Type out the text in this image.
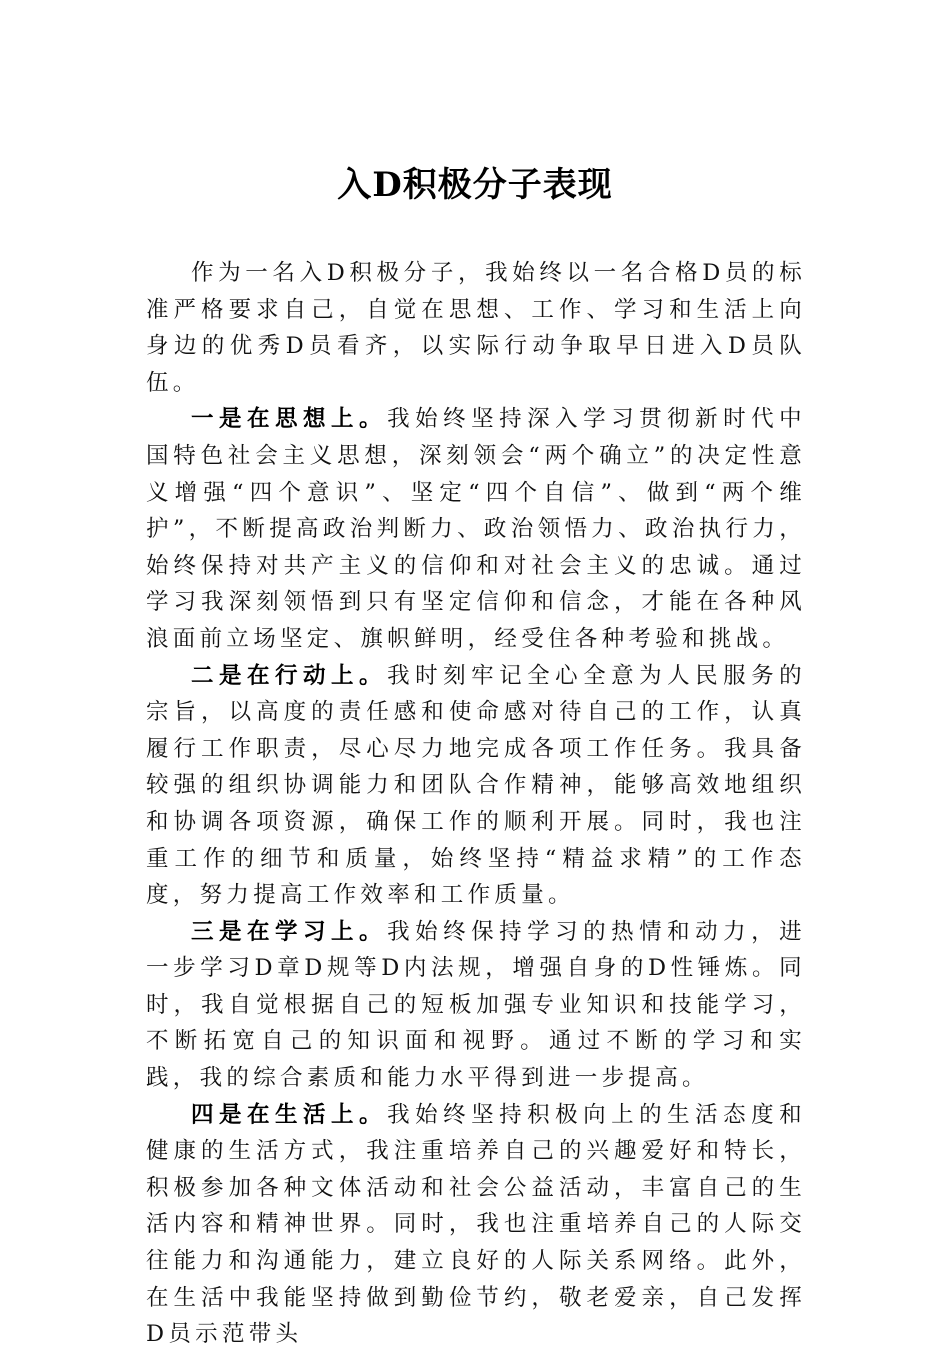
入D积极分子表现

作为一名入D积极分子，我始终以一名合格D员的标准严格要求自己，自觉在思想、工作、学习和生活上向身边的优秀D员看齐，以实际行动争取早日进入D员队伍。

一是在思想上。我始终坚持深入学习贯彻新时代中国特色社会主义思想，深刻领会“两个确立”的决定性意义增强“四个意识”、坚定“四个自信”、做到“两个维护”，不断提高政治判断力、政治领悟力、政治执行力，始终保持对共产主义的信仰和对社会主义的忠诚。通过学习我深刻领悟到只有坚定信仰和信念，才能在各种风浪面前立场坚定、旗帜鲜明，经受住各种考验和挑战。

二是在行动上。我时刻牢记全心全意为人民服务的宗旨，以高度的责任感和使命感对待自己的工作，认真履行工作职责，尽心尽力地完成各项工作任务。我具备较强的组织协调能力和团队合作精神，能够高效地组织和协调各项资源，确保工作的顺利开展。同时，我也注重工作的细节和质量，始终坚持“精益求精”的工作态度，努力提高工作效率和工作质量。

三是在学习上。我始终保持学习的热情和动力，进一步学习D章D规等D内法规，增强自身的D性锤炼。同时，我自觉根据自己的短板加强专业知识和技能学习，不断拓宽自己的知识面和视野。通过不断的学习和实践，我的综合素质和能力水平得到进一步提高。

四是在生活上。我始终坚持积极向上的生活态度和健康的生活方式，我注重培养自己的兴趣爱好和特长，积极参加各种文体活动和社会公益活动，丰富自己的生活内容和精神世界。同时，我也注重培养自己的人际交往能力和沟通能力，建立良好的人际关系网络。此外，在生活中我能坚持做到勤俭节约，敬老爱亲，自己发挥D员示范带头
